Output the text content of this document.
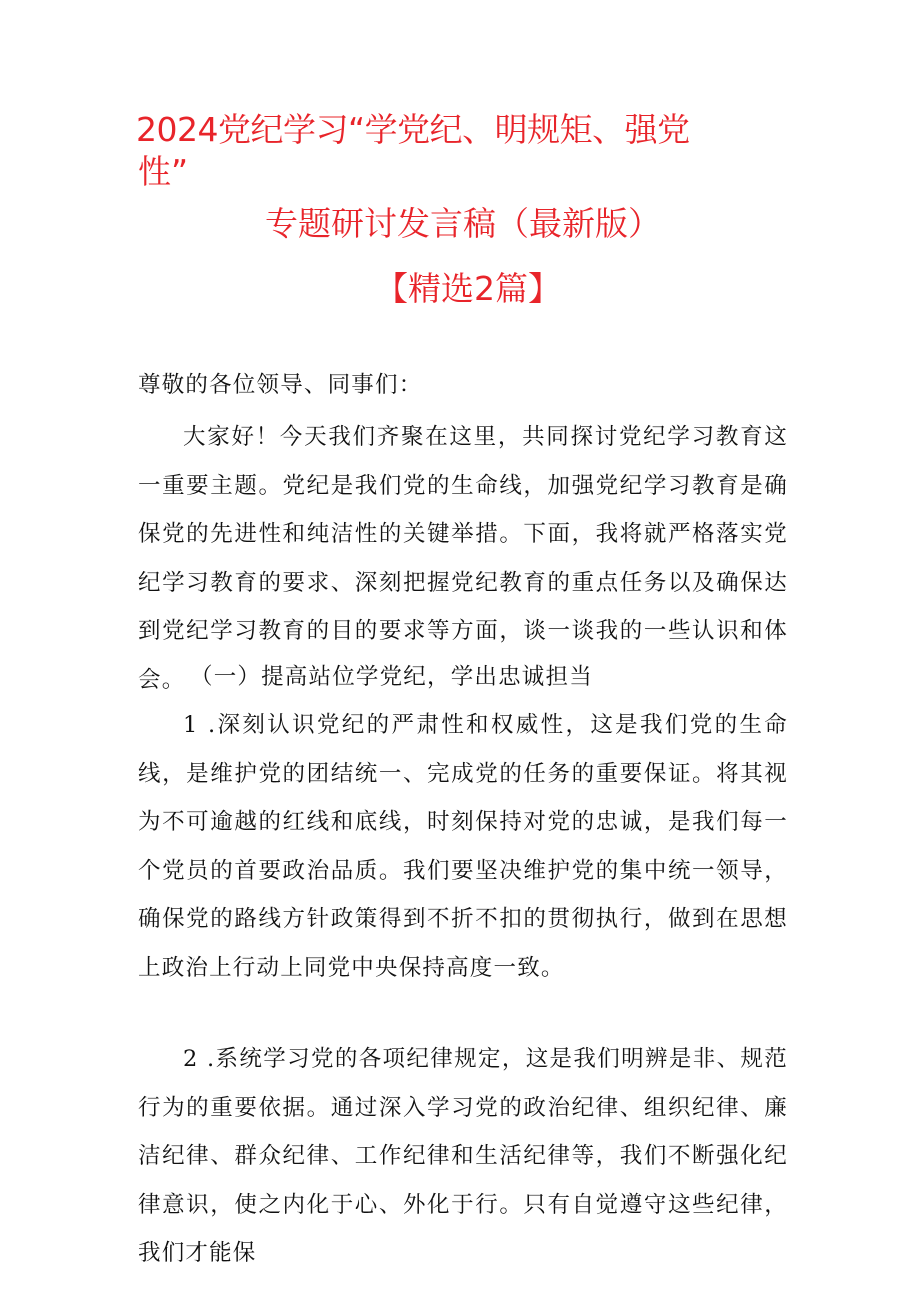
2024党纪学习“学党纪、明规矩、强党
性”
专题研讨发言稿（最新版）
【精选2篇】
尊敬的各位领导、同事们：

大家好！今天我们齐聚在这里，共同探讨党纪学习教育这一重要主题。党纪是我们党的生命线，加强党纪学习教育是确保党的先进性和纯洁性的关键举措。下面，我将就严格落实党纪学习教育的要求、深刻把握党纪教育的重点任务以及确保达到党纪学习教育的目的要求等方面，谈一谈我的一些认识和体会。 （一）提高站位学党纪，学出忠诚担当

1 .深刻认识党纪的严肃性和权威性，这是我们党的生命线，是维护党的团结统一、完成党的任务的重要保证。将其视为不可逾越的红线和底线，时刻保持对党的忠诚，是我们每一个党员的首要政治品质。我们要坚决维护党的集中统一领导，确保党的路线方针政策得到不折不扣的贯彻执行，做到在思想上政治上行动上同党中央保持高度一致。

2 .系统学习党的各项纪律规定，这是我们明辨是非、规范行为的重要依据。通过深入学习党的政治纪律、组织纪律、廉洁纪律、群众纪律、工作纪律和生活纪律等，我们不断强化纪律意识，使之内化于心、外化于行。只有自觉遵守这些纪律，我们才能保
